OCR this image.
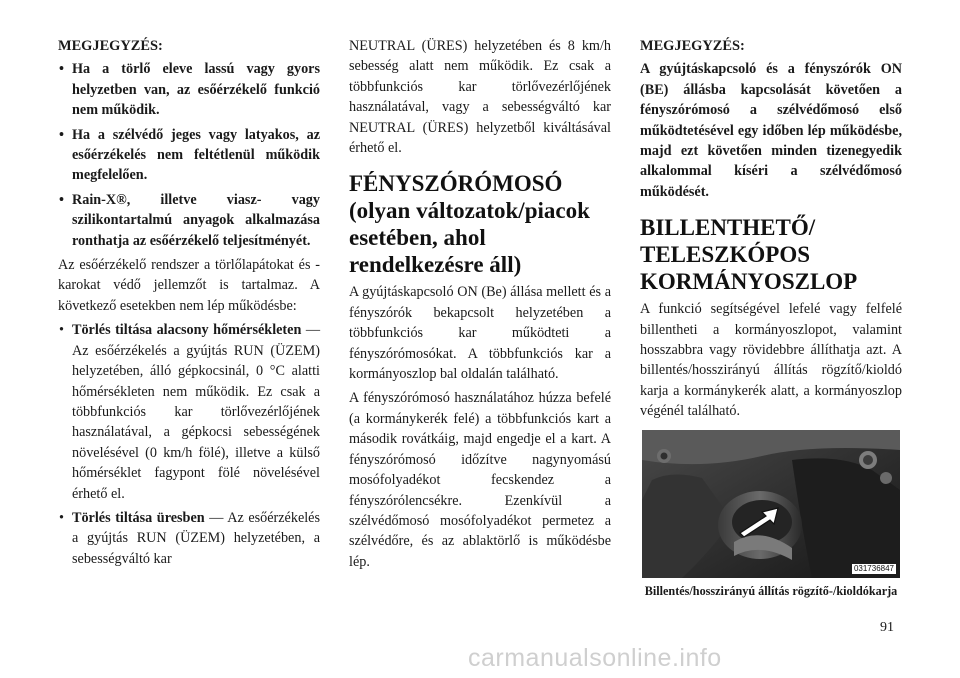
MEGJEGYZÉS:
• Ha a törlő eleve lassú vagy gyors helyzetben van, az esőérzékelő funkció nem működik.
• Ha a szélvédő jeges vagy latyakos, az esőérzékelés nem feltétlenül működik megfelelően.
• Rain-X®, illetve viasz- vagy szilikontartalmú anyagok alkalmazása ronthatja az esőérzékelő teljesítményét.

Az esőérzékelő rendszer a törlőlapátokat és -karokat védő jellemzőt is tartalmaz. A következő esetekben nem lép működésbe:

• Törlés tiltása alacsony hőmérsékleten — Az esőérzékelés a gyújtás RUN (ÜZEM) helyzetében, álló gépkocsinál, 0 °C alatti hőmérsékleten nem működik. Ez csak a többfunkciós kar törlővezérlőjének használatával, a gépkocsi sebességének növelésével (0 km/h fölé), illetve a külső hőmérséklet fagypont fölé növelésével érhető el.
• Törlés tiltása üresben — Az esőérzékelés a gyújtás RUN (ÜZEM) helyzetében, a sebességváltó kar

NEUTRAL (ÜRES) helyzetében és 8 km/h sebesség alatt nem működik. Ez csak a többfunkciós kar törlővezérlőjének használatával, vagy a sebességváltó kar NEUTRAL (ÜRES) helyzetből kiváltásával érhető el.

FÉNYSZÓRÓMOSÓ (olyan változatok/piacok esetében, ahol rendelkezésre áll)

A gyújtáskapcsoló ON (Be) állása mellett és a fényszórók bekapcsolt helyzetében a többfunkciós kar működteti a fényszórómosókat. A többfunkciós kar a kormányoszlop bal oldalán található.

A fényszórómosó használatához húzza befelé (a kormánykerék felé) a többfunkciós kart a második rovátkáig, majd engedje el a kart. A fényszórómosó időzítve nagynyomású mosófolyadékot fecskendez a fényszórólencsékre. Ezenkívül a szélvédőmosó mosófolyadékot permetez a szélvédőre, és az ablaktörlő is működésbe lép.

MEGJEGYZÉS:

A gyújtáskapcsoló és a fényszórók ON (BE) állásba kapcsolását követően a fényszórómosó a szélvédőmosó első működtetésével egy időben lép működésbe, majd ezt követően minden tizenegyedik alkalommal kíséri a szélvédőmosó működését.

BILLENTHETŐ/ TELESZKÓPOS KORMÁNYOSZLOP

A funkció segítségével lefelé vagy felfelé billentheti a kormányoszlopot, valamint hosszabbra vagy rövidebbre állíthatja azt. A billentés/hosszirányú állítás rögzítő/kioldó karja a kormánykerék alatt, a kormányoszlop végénél található.

031736847
Billentés/hosszirányú állítás rögzítő-/kioldókarja
91
carmanualsonline.info
